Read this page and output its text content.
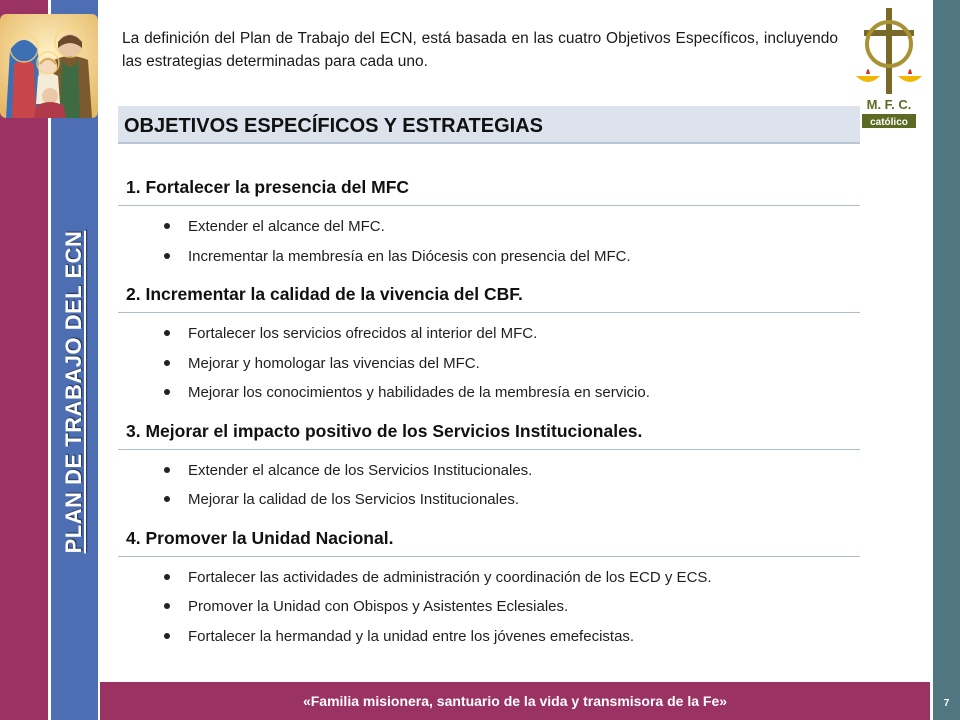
PLAN DE TRABAJO DEL ECN

La definición del Plan de Trabajo del ECN, está basada en las cuatro Objetivos Específicos, incluyendo las estrategias determinadas para cada uno.

M. F. C.
católico
OBJETIVOS ESPECÍFICOS Y ESTRATEGIAS
1. Fortalecer la presencia del MFC
Extender el alcance del MFC.
Incrementar la membresía en las Diócesis con presencia del MFC.
2. Incrementar la calidad de la vivencia del CBF.
Fortalecer los servicios ofrecidos al interior del MFC.
Mejorar y homologar las vivencias del MFC.
Mejorar los conocimientos y habilidades de la membresía en servicio.
3. Mejorar el impacto positivo de los Servicios Institucionales.
Extender el alcance de los Servicios Institucionales.
Mejorar la calidad de los Servicios Institucionales.
4. Promover la Unidad Nacional.
Fortalecer las actividades de administración y coordinación de los ECD y ECS.
Promover la Unidad con Obispos y Asistentes Eclesiales.
Fortalecer la hermandad y la unidad entre los jóvenes emefecistas.
«Familia misionera, santuario de la vida y transmisora de la Fe»	7
